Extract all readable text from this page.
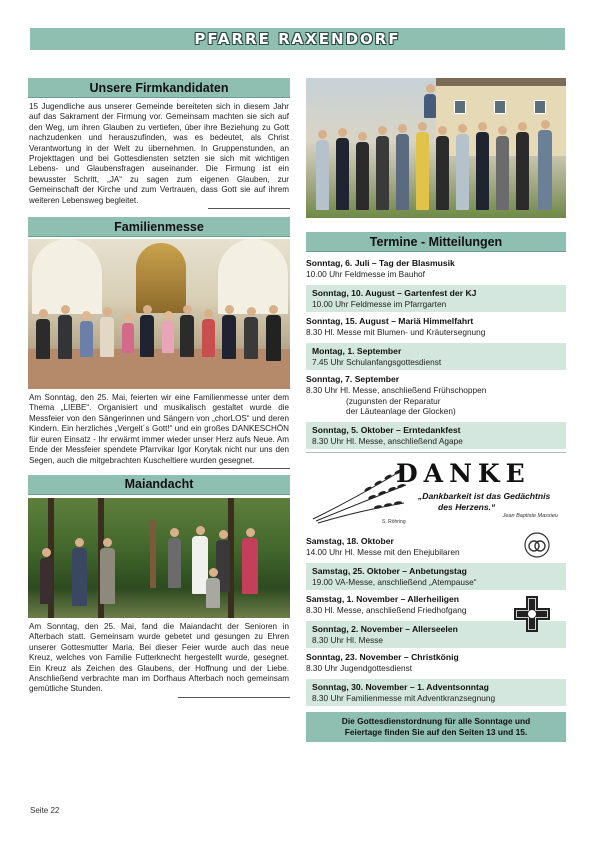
PFARRE RAXENDORF
Unsere Firmkandidaten

15 Jugendliche aus unserer Gemeinde bereiteten sich in diesem Jahr auf das Sakrament der Firmung vor. Gemeinsam machten sie sich auf den Weg, um ihren Glauben zu vertiefen, über ihre Beziehung zu Gott nachzudenken und herauszufinden, was es bedeutet, als Christ Verantwortung in der Welt zu übernehmen. In Gruppenstunden, an Projekttagen und bei Gottesdiensten setzten sie sich mit wichtigen Lebens- und Glaubensfragen auseinander. Die Firmung ist ein bewusster Schritt, „JA“ zu sagen zum eigenen Glauben, zur Gemeinschaft der Kirche und zum Vertrauen, dass Gott sie auf ihrem weiteren Lebensweg begleitet.

Familienmesse

Am Sonntag, den 25. Mai, feierten wir eine Familienmesse unter dem Thema „LIEBE“. Organisiert und musikalisch gestaltet wurde die Messfeier von den Sängerinnen und Sängern von „chorLOS“ und deren Kindern. Ein herzliches „Vergelt´s Gott!“ und ein großes DANKESCHÖN für euren Einsatz - Ihr erwärmt immer wieder unser Herz aufs Neue. Am Ende der Messfeier spendete Pfarrvikar Igor Korytak nicht nur uns den Segen, auch die mitgebrachten Kuscheltiere wurden gesegnet.

Maiandacht

Am Sonntag, den 25. Mai, fand die Maiandacht der Senioren in Afterbach statt. Gemeinsam wurde gebetet und gesungen zu Ehren unserer Gottesmutter Maria. Bei dieser Feier wurde auch das neue Kreuz, welches von Familie Futterknecht hergestellt wurde, gesegnet. Ein Kreuz als Zeichen des Glaubens, der Hoffnung und der Liebe. Anschließend verbrachte man im Dorfhaus Afterbach noch gemeinsam gemütliche Stunden.

Termine - Mitteilungen
Sonntag, 6. Juli – Tag der Blasmusik
10.00 Uhr Feldmesse im Bauhof
Sonntag, 10. August – Gartenfest der KJ
10.00 Uhr Feldmesse im Pfarrgarten
Sonntag, 15. August – Mariä Himmelfahrt
8.30 Hl. Messe mit Blumen- und Kräutersegnung
Montag, 1. September
7.45 Uhr Schulanfangsgottesdienst
Sonntag, 7. September
8.30 Uhr Hl. Messe, anschließend Frühschoppen
(zugunsten der Reparatur
der Läuteanlage der Glocken)
Sonntag, 5. Oktober – Erntedankfest
8.30 Uhr Hl. Messe, anschließend Agape
DANKE
„Dankbarkeit ist das Gedächtnis
des Herzens.“
Jean Baptiste Massieu
S. Röhring
Samstag, 18. Oktober
14.00 Uhr Hl. Messe mit den Ehejubilaren
Samstag, 25. Oktober – Anbetungstag
19.00 VA-Messe, anschließend „Atempause“
Samstag, 1. November – Allerheiligen
8.30 Hl. Messe, anschließend Friedhofgang
Sonntag, 2. November – Allerseelen
8.30 Uhr Hl. Messe
Sonntag, 23. November – Christkönig
8.30 Uhr Jugendgottesdienst
Sonntag, 30. November – 1. Adventsonntag
8.30 Uhr Familienmesse mit Adventkranzsegnung
Die Gottesdienstordnung für alle Sonntage und
Feiertage finden Sie auf den Seiten 13 und 15.
Seite 22
